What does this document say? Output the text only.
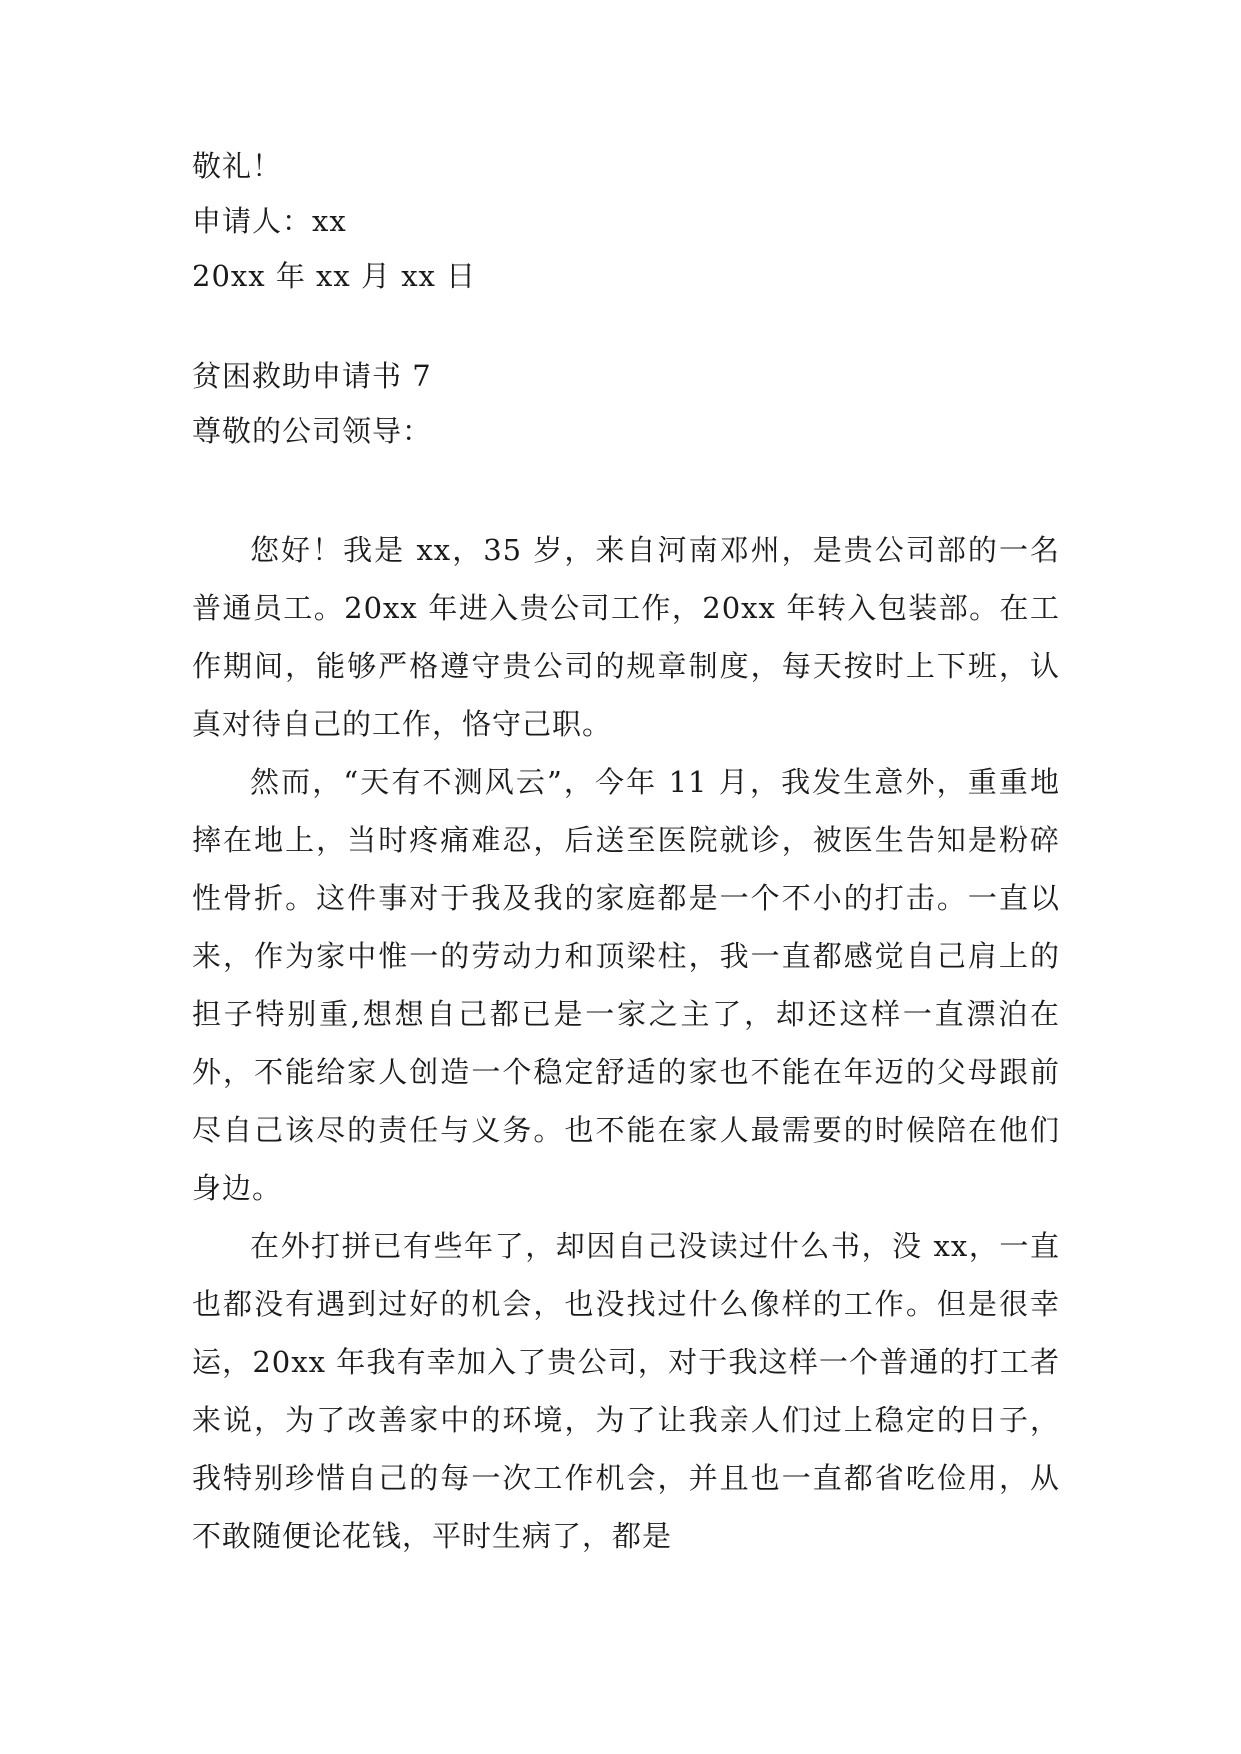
敬礼！
申请人：xx
20xx 年 xx 月 xx 日
贫困救助申请书 7
尊敬的公司领导：

您好！我是 xx，35 岁，来自河南邓州，是贵公司部的一名普通员工。20xx 年进入贵公司工作，20xx 年转入包装部。在工作期间，能够严格遵守贵公司的规章制度，每天按时上下班，认真对待自己的工作，恪守己职。

然而，“天有不测风云”，今年 11 月，我发生意外，重重地摔在地上，当时疼痛难忍，后送至医院就诊，被医生告知是粉碎性骨折。这件事对于我及我的家庭都是一个不小的打击。一直以来，作为家中惟一的劳动力和顶梁柱，我一直都感觉自己肩上的担子特别重,想想自己都已是一家之主了，却还这样一直漂泊在外，不能给家人创造一个稳定舒适的家也不能在年迈的父母跟前尽自己该尽的责任与义务。也不能在家人最需要的时候陪在他们身边。

在外打拼已有些年了，却因自己没读过什么书，没 xx，一直也都没有遇到过好的机会，也没找过什么像样的工作。但是很幸运，20xx 年我有幸加入了贵公司，对于我这样一个普通的打工者来说，为了改善家中的环境，为了让我亲人们过上稳定的日子，我特别珍惜自己的每一次工作机会，并且也一直都省吃俭用，从不敢随便论花钱，平时生病了，都是
